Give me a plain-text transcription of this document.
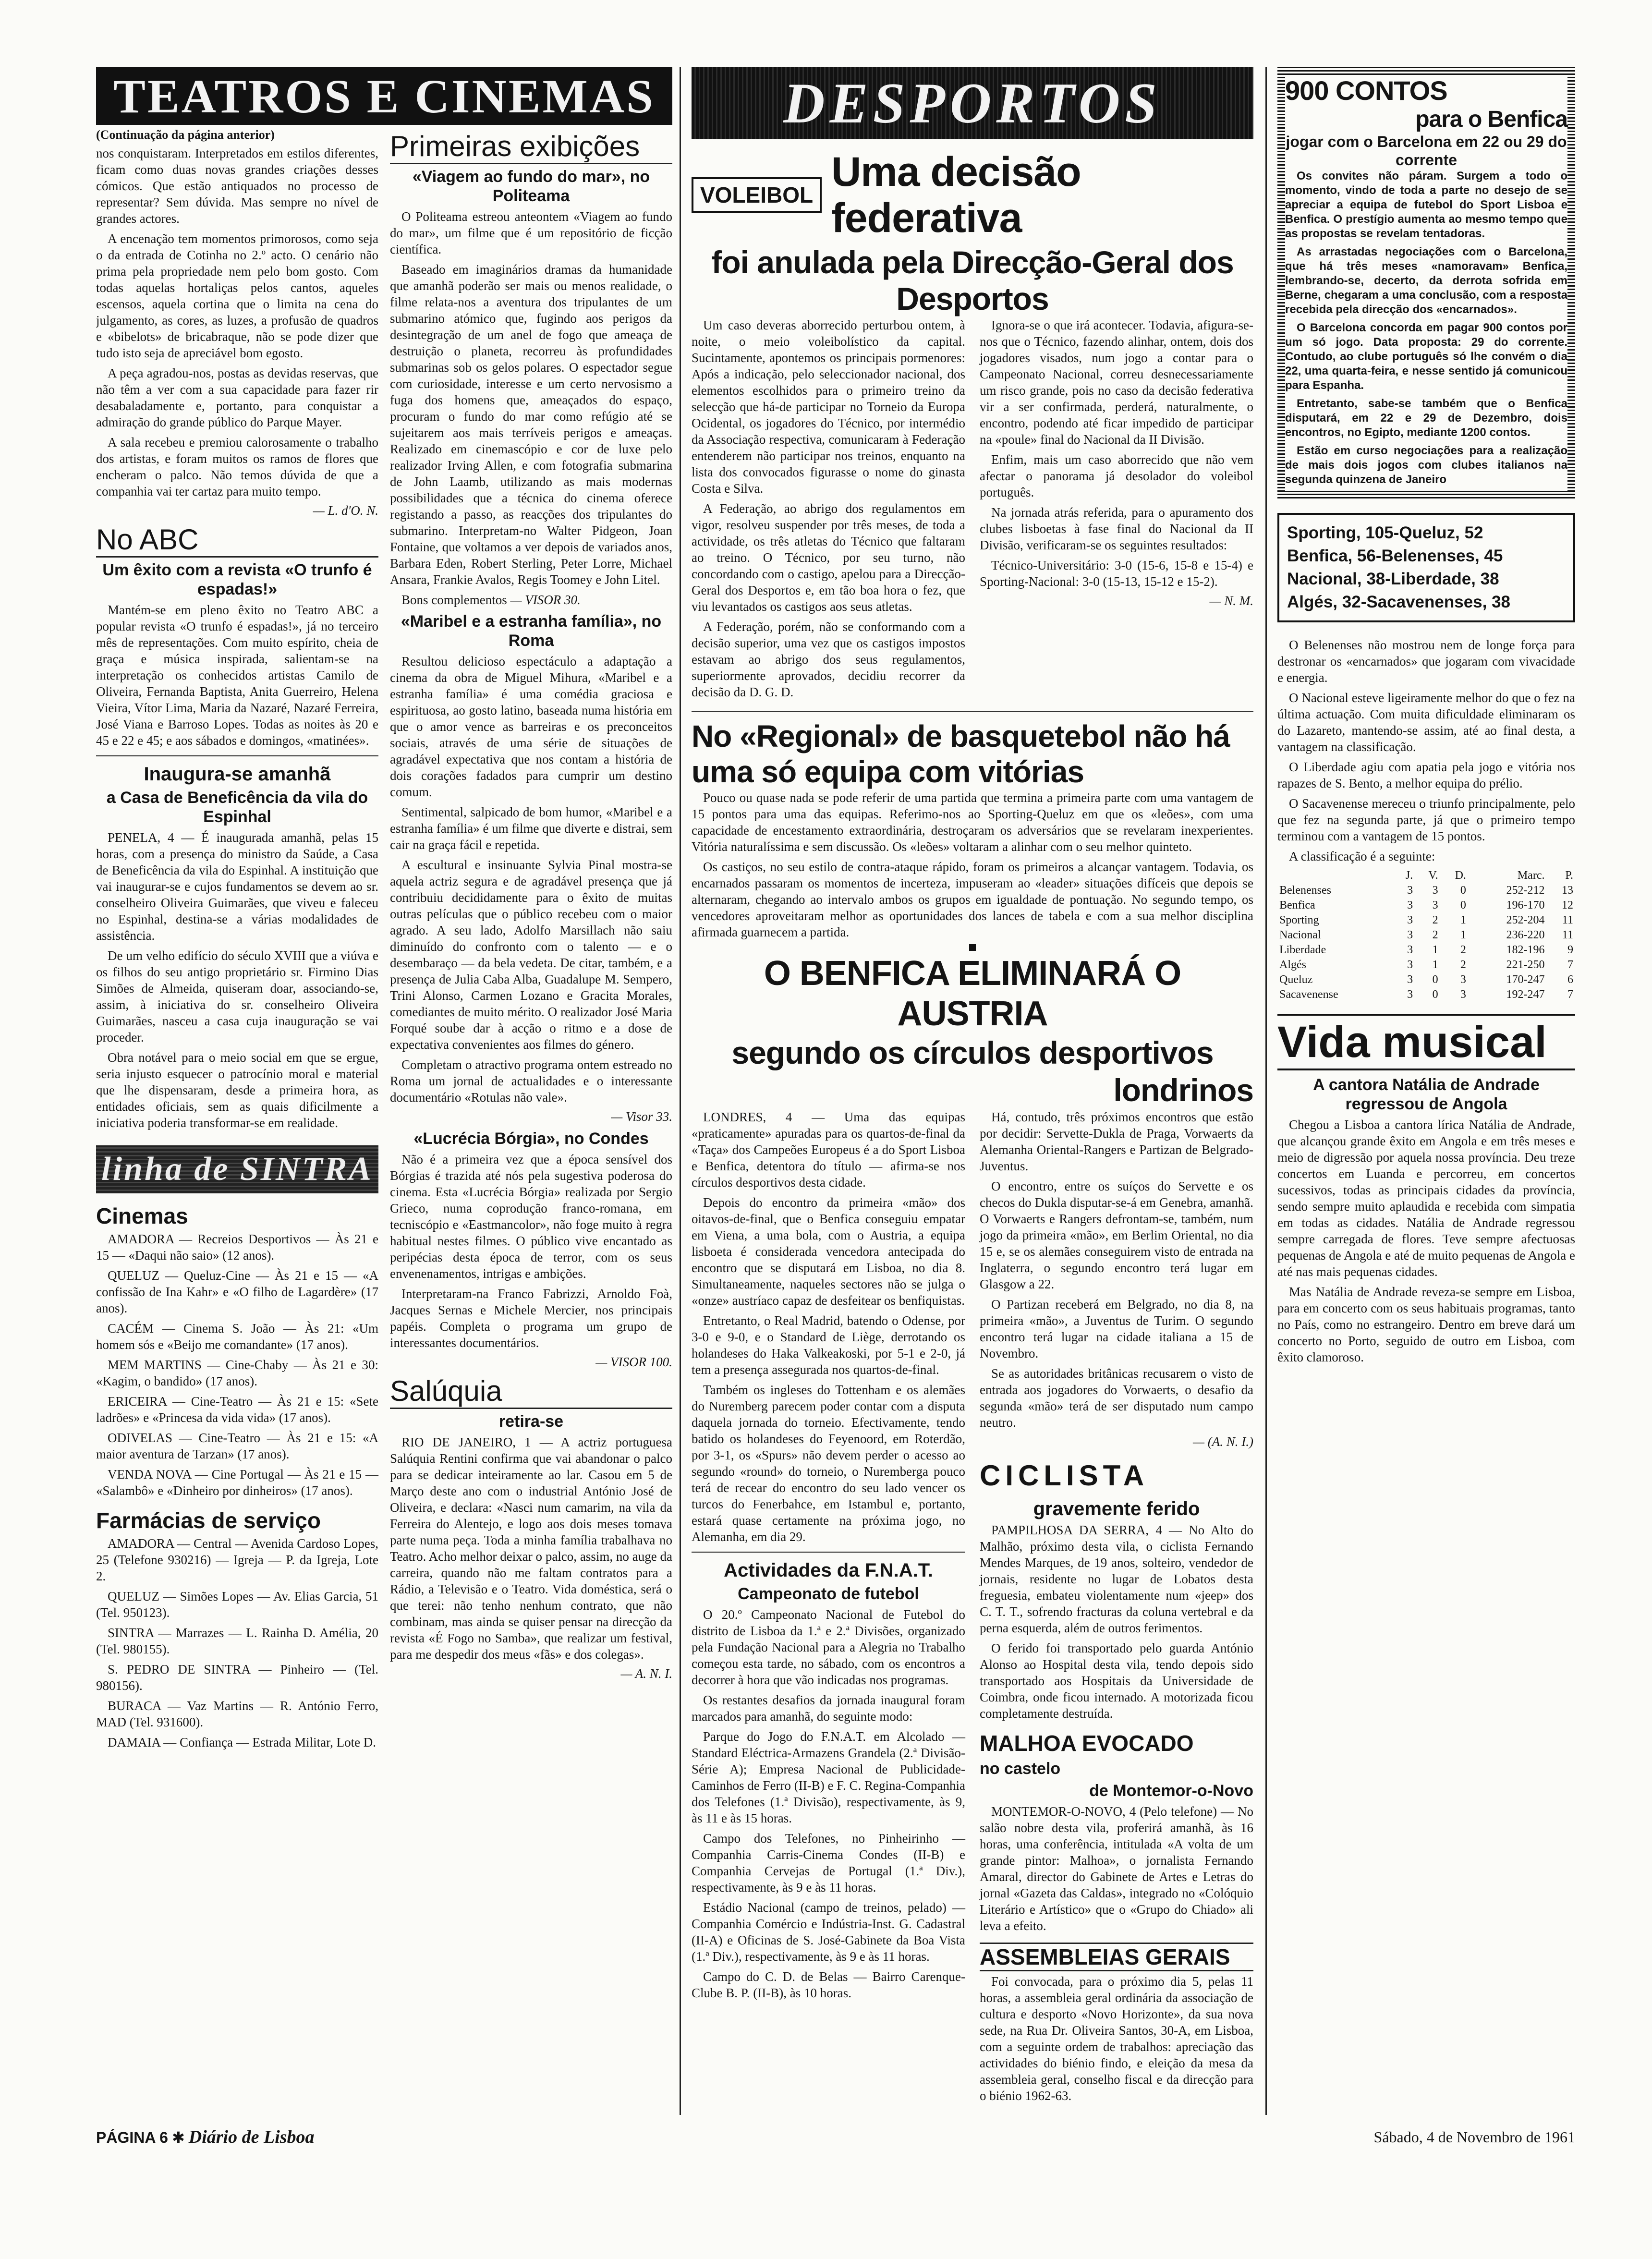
TEATROS E CINEMAS
(Continuação da página anterior)

nos conquistaram. Interpretados em estilos diferentes, ficam como duas novas grandes criações desses cómicos. Que estão antiquados no processo de representar? Sem dúvida. Mas sempre no nível de grandes actores.

A encenação tem momentos primorosos, como seja o da entrada de Cotinha no 2.º acto. O cenário não prima pela propriedade nem pelo bom gosto. Com todas aquelas hortaliças pelos cantos, aqueles escensos, aquela cortina que o limita na cena do julgamento, as cores, as luzes, a profusão de quadros e «bibelots» de bricabraque, não se pode dizer que tudo isto seja de apreciável bom egosto.

A peça agradou-nos, postas as devidas reservas, que não têm a ver com a sua capacidade para fazer rir desabaladamente e, portanto, para conquistar a admiração do grande público do Parque Mayer.

A sala recebeu e premiou calorosamente o trabalho dos artistas, e foram muitos os ramos de flores que encheram o palco. Não temos dúvida de que a companhia vai ter cartaz para muito tempo.

— L. d'O. N.
No ABC
Um êxito com a revista «O trunfo é espadas!»

Mantém-se em pleno êxito no Teatro ABC a popular revista «O trunfo é espadas!», já no terceiro mês de representações. Com muito espírito, cheia de graça e música inspirada, salientam-se na interpretação os conhecidos artistas Camilo de Oliveira, Fernanda Baptista, Anita Guerreiro, Helena Vieira, Vítor Lima, Maria da Nazaré, Nazaré Ferreira, José Viana e Barroso Lopes. Todas as noites às 20 e 45 e 22 e 45; e aos sábados e domingos, «matinées».

Inaugura-se amanhã
a Casa de Beneficência da vila do Espinhal

PENELA, 4 — É inaugurada amanhã, pelas 15 horas, com a presença do ministro da Saúde, a Casa de Beneficência da vila do Espinhal. A instituição que vai inaugurar-se e cujos fundamentos se devem ao sr. conselheiro Oliveira Guimarães, que viveu e faleceu no Espinhal, destina-se a várias modalidades de assistência.

De um velho edifício do século XVIII que a viúva e os filhos do seu antigo proprietário sr. Firmino Dias Simões de Almeida, quiseram doar, associando-se, assim, à iniciativa do sr. conselheiro Oliveira Guimarães, nasceu a casa cuja inauguração se vai proceder.

Obra notável para o meio social em que se ergue, seria injusto esquecer o patrocínio moral e material que lhe dispensaram, desde a primeira hora, as entidades oficiais, sem as quais dificilmente a iniciativa poderia transformar-se em realidade.

linha de SINTRA
Cinemas

AMADORA — Recreios Desportivos — Às 21 e 15 — «Daqui não saio» (12 anos).

QUELUZ — Queluz-Cine — Às 21 e 15 — «A confissão de Ina Kahr» e «O filho de Lagardère» (17 anos).

CACÉM — Cinema S. João — Às 21: «Um homem sós e «Beijo me comandante» (17 anos).

MEM MARTINS — Cine-Chaby — Às 21 e 30: «Kagim, o bandido» (17 anos).

ERICEIRA — Cine-Teatro — Às 21 e 15: «Sete ladrões» e «Princesa da vida vida» (17 anos).

ODIVELAS — Cine-Teatro — Às 21 e 15: «A maior aventura de Tarzan» (17 anos).

VENDA NOVA — Cine Portugal — Às 21 e 15 — «Salambô» e «Dinheiro por dinheiros» (17 anos).

Farmácias de serviço

AMADORA — Central — Avenida Cardoso Lopes, 25 (Telefone 930216) — Igreja — P. da Igreja, Lote 2.

QUELUZ — Simões Lopes — Av. Elias Garcia, 51 (Tel. 950123).

SINTRA — Marrazes — L. Rainha D. Amélia, 20 (Tel. 980155).

S. PEDRO DE SINTRA — Pinheiro — (Tel. 980156).

BURACA — Vaz Martins — R. António Ferro, MAD (Tel. 931600).

DAMAIA — Confiança — Estrada Militar, Lote D.

Primeiras exibições
«Viagem ao fundo do mar», no Politeama

O Politeama estreou anteontem «Viagem ao fundo do mar», um filme que é um repositório de ficção científica.

Baseado em imaginários dramas da humanidade que amanhã poderão ser mais ou menos realidade, o filme relata-nos a aventura dos tripulantes de um submarino atómico que, fugindo aos perigos da desintegração de um anel de fogo que ameaça de destruição o planeta, recorreu às profundidades submarinas sob os gelos polares. O espectador segue com curiosidade, interesse e um certo nervosismo a fuga dos homens que, ameaçados do espaço, procuram o fundo do mar como refúgio até se sujeitarem aos mais terríveis perigos e ameaças. Realizado em cinemascópio e cor de luxe pelo realizador Irving Allen, e com fotografia submarina de John Laamb, utilizando as mais modernas possibilidades que a técnica do cinema oferece registando a passo, as reacções dos tripulantes do submarino. Interpretam-no Walter Pidgeon, Joan Fontaine, que voltamos a ver depois de variados anos, Barbara Eden, Robert Sterling, Peter Lorre, Michael Ansara, Frankie Avalos, Regis Toomey e John Litel.

Bons complementos — VISOR 30.

«Maribel e a estranha família», no Roma

Resultou delicioso espectáculo a adaptação a cinema da obra de Miguel Mihura, «Maribel e a estranha família» é uma comédia graciosa e espirituosa, ao gosto latino, baseada numa história em que o amor vence as barreiras e os preconceitos sociais, através de uma série de situações de agradável expectativa que nos contam a história de dois corações fadados para cumprir um destino comum.

Sentimental, salpicado de bom humor, «Maribel e a estranha família» é um filme que diverte e distrai, sem cair na graça fácil e repetida.

A escultural e insinuante Sylvia Pinal mostra-se aquela actriz segura e de agradável presença que já contribuiu decididamente para o êxito de muitas outras películas que o público recebeu com o maior agrado. A seu lado, Adolfo Marsillach não saiu diminuído do confronto com o talento — e o desembaraço — da bela vedeta. De citar, também, e a presença de Julia Caba Alba, Guadalupe M. Sempero, Trini Alonso, Carmen Lozano e Gracita Morales, comediantes de muito mérito. O realizador José Maria Forqué soube dar à acção o ritmo e a dose de expectativa convenientes aos filmes do género.

Completam o atractivo programa ontem estreado no Roma um jornal de actualidades e o interessante documentário «Rotulas não vale».

— Visor 33.
«Lucrécia Bórgia», no Condes

Não é a primeira vez que a época sensível dos Bórgias é trazida até nós pela sugestiva poderosa do cinema. Esta «Lucrécia Bórgia» realizada por Sergio Grieco, numa coprodução franco-romana, em tecniscópio e «Eastmancolor», não foge muito à regra habitual nestes filmes. O público vive encantado as peripécias desta época de terror, com os seus envenenamentos, intrigas e ambições.

Interpretaram-na Franco Fabrizzi, Arnoldo Foà, Jacques Sernas e Michele Mercier, nos principais papéis. Completa o programa um grupo de interessantes documentários.

— VISOR 100.
Salúquia
retira-se

RIO DE JANEIRO, 1 — A actriz portuguesa Salúquia Rentini confirma que vai abandonar o palco para se dedicar inteiramente ao lar. Casou em 5 de Março deste ano com o industrial António José de Oliveira, e declara: «Nasci num camarim, na vila da Ferreira do Alentejo, e logo aos dois meses tomava parte numa peça. Toda a minha família trabalhava no Teatro. Acho melhor deixar o palco, assim, no auge da carreira, quando não me faltam contratos para a Rádio, a Televisão e o Teatro. Vida doméstica, será o que terei: não tenho nenhum contrato, que não combinam, mas ainda se quiser pensar na direcção da revista «É Fogo no Samba», que realizar um festival, para me despedir dos meus «fãs» e dos colegas».

— A. N. I.
DESPORTOS
VOLEIBOL Uma decisão federativa
foi anulada pela Direcção-Geral dos Desportos

Um caso deveras aborrecido perturbou ontem, à noite, o meio voleibolístico da capital. Sucintamente, apontemos os principais pormenores: Após a indicação, pelo seleccionador nacional, dos elementos escolhidos para o primeiro treino da selecção que há-de participar no Torneio da Europa Ocidental, os jogadores do Técnico, por intermédio da Associação respectiva, comunicaram à Federação entenderem não participar nos treinos, enquanto na lista dos convocados figurasse o nome do ginasta Costa e Silva.

A Federação, ao abrigo dos regulamentos em vigor, resolveu suspender por três meses, de toda a actividade, os três atletas do Técnico que faltaram ao treino. O Técnico, por seu turno, não concordando com o castigo, apelou para a Direcção-Geral dos Desportos e, em tão boa hora o fez, que viu levantados os castigos aos seus atletas.

A Federação, porém, não se conformando com a decisão superior, uma vez que os castigos impostos estavam ao abrigo dos seus regulamentos, superiormente aprovados, decidiu recorrer da decisão da D. G. D.

Ignora-se o que irá acontecer. Todavia, afigura-se-nos que o Técnico, fazendo alinhar, ontem, dois dos jogadores visados, num jogo a contar para o Campeonato Nacional, correu desnecessariamente um risco grande, pois no caso da decisão federativa vir a ser confirmada, perderá, naturalmente, o encontro, podendo até ficar impedido de participar na «poule» final do Nacional da II Divisão.

Enfim, mais um caso aborrecido que não vem afectar o panorama já desolador do voleibol português.

Na jornada atrás referida, para o apuramento dos clubes lisboetas à fase final do Nacional da II Divisão, verificaram-se os seguintes resultados:

Técnico-Universitário: 3-0 (15-6, 15-8 e 15-4) e Sporting-Nacional: 3-0 (15-13, 15-12 e 15-2).

— N. M.
No «Regional» de basquetebol não há uma só equipa com vitórias

Pouco ou quase nada se pode referir de uma partida que termina a primeira parte com uma vantagem de 15 pontos para uma das equipas. Referimo-nos ao Sporting-Queluz em que os «leões», com uma capacidade de encestamento extraordinária, destroçaram os adversários que se revelaram inexperientes. Vitória naturalíssima e sem discussão. Os «leões» voltaram a alinhar com o seu melhor quinteto.

Os castiços, no seu estilo de contra-ataque rápido, foram os primeiros a alcançar vantagem. Todavia, os encarnados passaram os momentos de incerteza, impuseram ao «leader» situações difíceis que depois se alternaram, chegando ao intervalo ambos os grupos em igualdade de pontuação. No segundo tempo, os vencedores aproveitaram melhor as oportunidades dos lances de tabela e com a sua melhor disciplina afirmada guarnecem a partida.

O BENFICA ELIMINARÁ O AUSTRIA
segundo os círculos desportivos
londrinos

LONDRES, 4 — Uma das equipas «praticamente» apuradas para os quartos-de-final da «Taça» dos Campeões Europeus é a do Sport Lisboa e Benfica, detentora do título — afirma-se nos círculos desportivos desta cidade.

Depois do encontro da primeira «mão» dos oitavos-de-final, que o Benfica conseguiu empatar em Viena, a uma bola, com o Austria, a equipa lisboeta é considerada vencedora antecipada do encontro que se disputará em Lisboa, no dia 8. Simultaneamente, naqueles sectores não se julga o «onze» austríaco capaz de desfeitear os benfiquistas.

Entretanto, o Real Madrid, batendo o Odense, por 3-0 e 9-0, e o Standard de Liège, derrotando os holandeses do Haka Valkeakoski, por 5-1 e 2-0, já tem a presença assegurada nos quartos-de-final.

Também os ingleses do Tottenham e os alemães do Nuremberg parecem poder contar com a disputa daquela jornada do torneio. Efectivamente, tendo batido os holandeses do Feyenoord, em Roterdão, por 3-1, os «Spurs» não devem perder o acesso ao segundo «round» do torneio, o Nuremberga pouco terá de recear do encontro do seu lado vencer os turcos do Fenerbahce, em Istambul e, portanto, estará quase certamente na próxima jogo, no Alemanha, em dia 29.

Actividades da F.N.A.T.
Campeonato de futebol

O 20.º Campeonato Nacional de Futebol do distrito de Lisboa da 1.ª e 2.ª Divisões, organizado pela Fundação Nacional para a Alegria no Trabalho começou esta tarde, no sábado, com os encontros a decorrer à hora que vão indicadas nos programas.

Os restantes desafios da jornada inaugural foram marcados para amanhã, do seguinte modo:

Parque do Jogo do F.N.A.T. em Alcolado — Standard Eléctrica-Armazens Grandela (2.ª Divisão-Série A); Empresa Nacional de Publicidade-Caminhos de Ferro (II-B) e F. C. Regina-Companhia dos Telefones (1.ª Divisão), respectivamente, às 9, às 11 e às 15 horas.

Campo dos Telefones, no Pinheirinho — Companhia Carris-Cinema Condes (II-B) e Companhia Cervejas de Portugal (1.ª Div.), respectivamente, às 9 e às 11 horas.

Estádio Nacional (campo de treinos, pelado) — Companhia Comércio e Indústria-Inst. G. Cadastral (II-A) e Oficinas de S. José-Gabinete da Boa Vista (1.ª Div.), respectivamente, às 9 e às 11 horas.

Campo do C. D. de Belas — Bairro Carenque-Clube B. P. (II-B), às 10 horas.

Há, contudo, três próximos encontros que estão por decidir: Servette-Dukla de Praga, Vorwaerts da Alemanha Oriental-Rangers e Partizan de Belgrado-Juventus.

O encontro, entre os suíços do Servette e os checos do Dukla disputar-se-á em Genebra, amanhã. O Vorwaerts e Rangers defrontam-se, também, num jogo da primeira «mão», em Berlim Oriental, no dia 15 e, se os alemães conseguirem visto de entrada na Inglaterra, o segundo encontro terá lugar em Glasgow a 22.

O Partizan receberá em Belgrado, no dia 8, na primeira «mão», a Juventus de Turim. O segundo encontro terá lugar na cidade italiana a 15 de Novembro.

Se as autoridades britânicas recusarem o visto de entrada aos jogadores do Vorwaerts, o desafio da segunda «mão» terá de ser disputado num campo neutro.

— (A. N. I.)
CICLISTA
gravemente ferido

PAMPILHOSA DA SERRA, 4 — No Alto do Malhão, próximo desta vila, o ciclista Fernando Mendes Marques, de 19 anos, solteiro, vendedor de jornais, residente no lugar de Lobatos desta freguesia, embateu violentamente num «jeep» dos C. T. T., sofrendo fracturas da coluna vertebral e da perna esquerda, além de outros ferimentos.

O ferido foi transportado pelo guarda António Alonso ao Hospital desta vila, tendo depois sido transportado aos Hospitais da Universidade de Coimbra, onde ficou internado. A motorizada ficou completamente destruída.

MALHOA EVOCADO
no castelo
de Montemor-o-Novo

MONTEMOR-O-NOVO, 4 (Pelo telefone) — No salão nobre desta vila, proferirá amanhã, às 16 horas, uma conferência, intitulada «A volta de um grande pintor: Malhoa», o jornalista Fernando Amaral, director do Gabinete de Artes e Letras do jornal «Gazeta das Caldas», integrado no «Colóquio Literário e Artístico» que o «Grupo do Chiado» ali leva a efeito.

ASSEMBLEIAS GERAIS

Foi convocada, para o próximo dia 5, pelas 11 horas, a assembleia geral ordinária da associação de cultura e desporto «Novo Horizonte», da sua nova sede, na Rua Dr. Oliveira Santos, 30-A, em Lisboa, com a seguinte ordem de trabalhos: apreciação das actividades do biénio findo, e eleição da mesa da assembleia geral, conselho fiscal e da direcção para o biénio 1962-63.

900 CONTOS
para o Benfica
jogar com o Barcelona em 22 ou 29 do corrente

Os convites não páram. Surgem a todo o momento, vindo de toda a parte no desejo de se apreciar a equipa de futebol do Sport Lisboa e Benfica. O prestígio aumenta ao mesmo tempo que as propostas se revelam tentadoras.

As arrastadas negociações com o Barcelona, que há três meses «namoravam» Benfica, lembrando-se, decerto, da derrota sofrida em Berne, chegaram a uma conclusão, com a resposta recebida pela direcção dos «encarnados».

O Barcelona concorda em pagar 900 contos por um só jogo. Data proposta: 29 do corrente. Contudo, ao clube português só lhe convém o dia 22, uma quarta-feira, e nesse sentido já comunicou para Espanha.

Entretanto, sabe-se também que o Benfica disputará, em 22 e 29 de Dezembro, dois encontros, no Egipto, mediante 1200 contos.

Estão em curso negociações para a realização de mais dois jogos com clubes italianos na segunda quinzena de Janeiro

Sporting, 105-Queluz, 52
Benfica, 56-Belenenses, 45
Nacional, 38-Liberdade, 38
Algés, 32-Sacavenenses, 38

O Belenenses não mostrou nem de longe força para destronar os «encarnados» que jogaram com vivacidade e energia.

O Nacional esteve ligeiramente melhor do que o fez na última actuação. Com muita dificuldade eliminaram os do Lazareto, mantendo-se assim, até ao final desta, a vantagem na classificação.

O Liberdade agiu com apatia pela jogo e vitória nos rapazes de S. Bento, a melhor equipa do prélio.

O Sacavenense mereceu o triunfo principalmente, pelo que fez na segunda parte, já que o primeiro tempo terminou com a vantagem de 15 pontos.

A classificação é a seguinte:

	J.	V.	D.	Marc.	P.
Belenenses	3	3	0	252-212	13
Benfica	3	3	0	196-170	12
Sporting	3	2	1	252-204	11
Nacional	3	2	1	236-220	11
Liberdade	3	1	2	182-196	9
Algés	3	1	2	221-250	7
Queluz	3	0	3	170-247	6
Sacavenense	3	0	3	192-247	7
Vida musical
A cantora Natália de Andrade regressou de Angola

Chegou a Lisboa a cantora lírica Natália de Andrade, que alcançou grande êxito em Angola e em três meses e meio de digressão por aquela nossa província. Deu treze concertos em Luanda e percorreu, em concertos sucessivos, todas as principais cidades da província, sendo sempre muito aplaudida e recebida com simpatia em todas as cidades. Natália de Andrade regressou sempre carregada de flores. Teve sempre afectuosas pequenas de Angola e até de muito pequenas de Angola e até nas mais pequenas cidades.

Mas Natália de Andrade reveza-se sempre em Lisboa, para em concerto com os seus habituais programas, tanto no País, como no estrangeiro. Dentro em breve dará um concerto no Porto, seguido de outro em Lisboa, com êxito clamoroso.

PÁGINA 6 ✱ Diário de Lisboa	Sábado, 4 de Novembro de 1961
